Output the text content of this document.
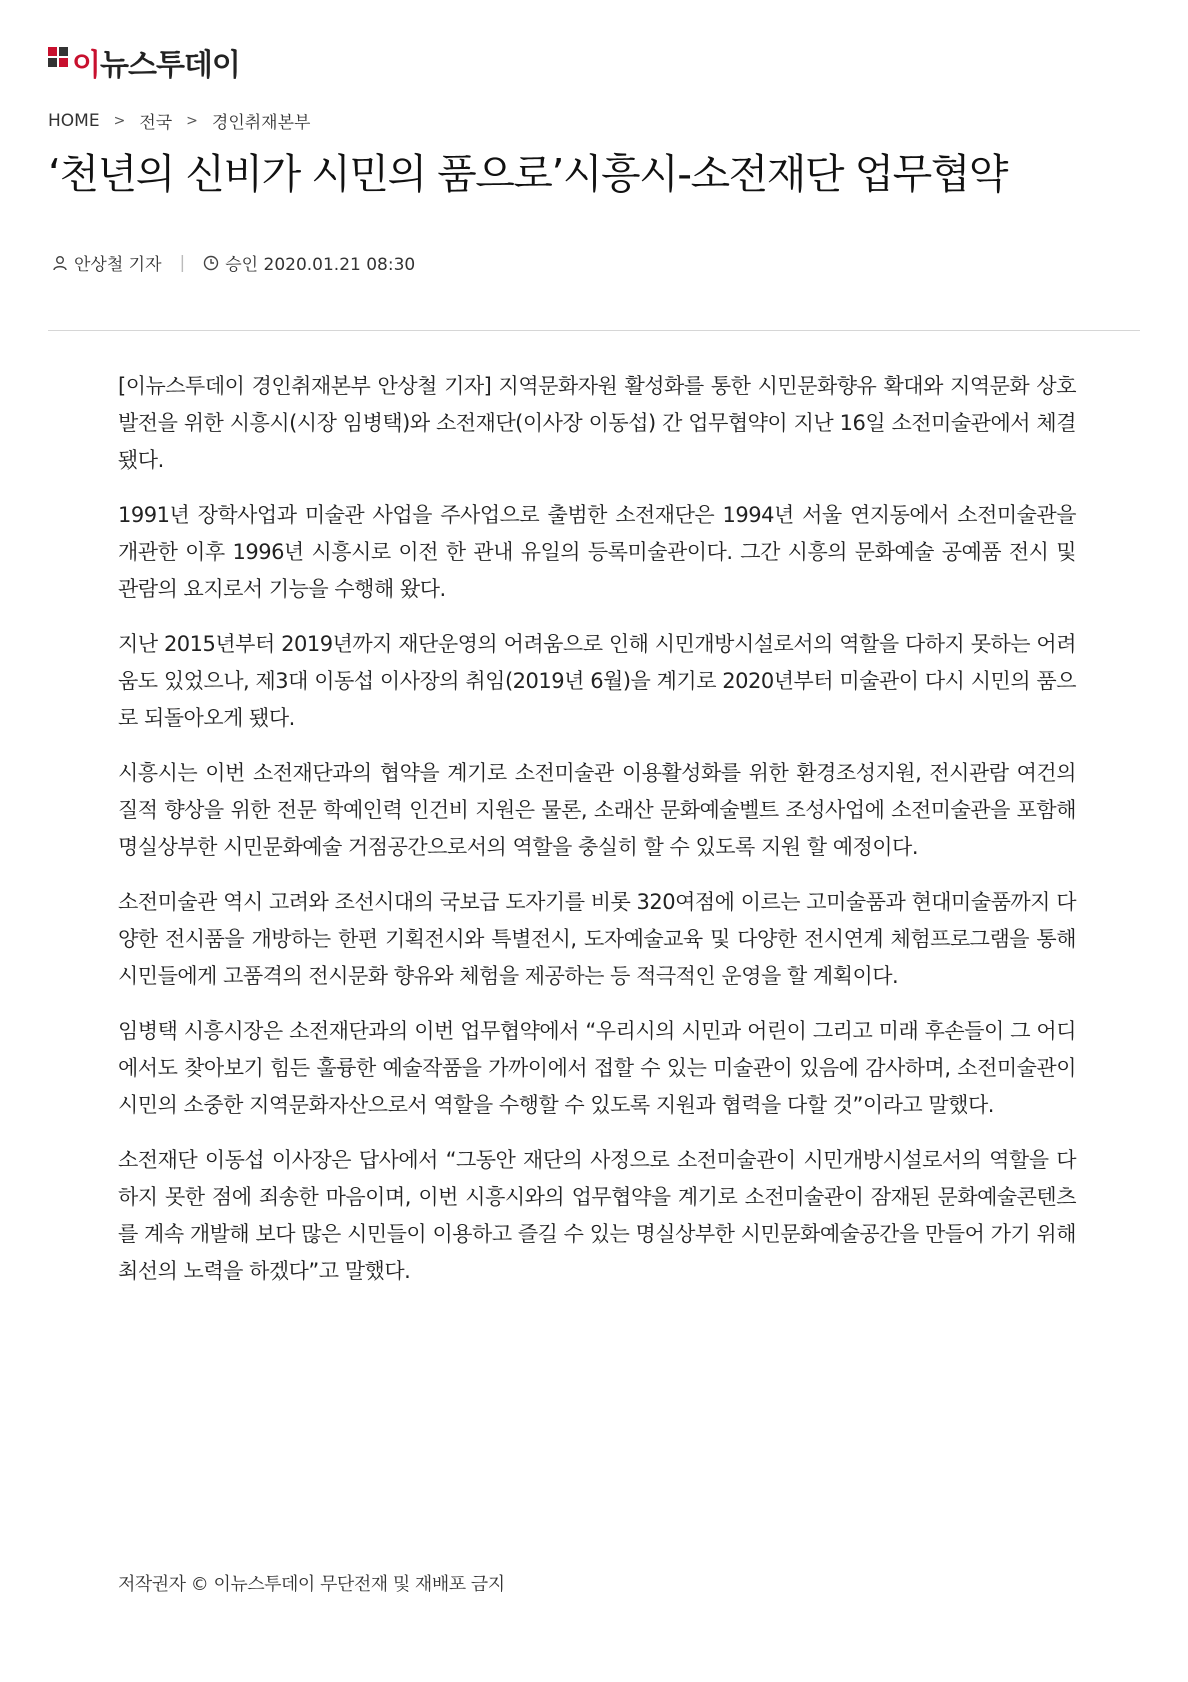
이뉴스투데이
HOME > 전국 > 경인취재본부
‘천년의 신비가 시민의 품으로’시흥시-소전재단 업무협약
안상철 기자 | 승인 2020.01.21 08:30

[이뉴스투데이 경인취재본부 안상철 기자] 지역문화자원 활성화를 통한 시민문화향유 확대와 지역문화 상호발전을 위한 시흥시(시장 임병택)와 소전재단(이사장 이동섭) 간 업무협약이 지난 16일 소전미술관에서 체결됐다.

1991년 장학사업과 미술관 사업을 주사업으로 출범한 소전재단은 1994년 서울 연지동에서 소전미술관을 개관한 이후 1996년 시흥시로 이전 한 관내 유일의 등록미술관이다. 그간 시흥의 문화예술 공예품 전시 및 관람의 요지로서 기능을 수행해 왔다.

지난 2015년부터 2019년까지 재단운영의 어려움으로 인해 시민개방시설로서의 역할을 다하지 못하는 어려움도 있었으나, 제3대 이동섭 이사장의 취임(2019년 6월)을 계기로 2020년부터 미술관이 다시 시민의 품으로 되돌아오게 됐다.

시흥시는 이번 소전재단과의 협약을 계기로 소전미술관 이용활성화를 위한 환경조성지원, 전시관람 여건의 질적 향상을 위한 전문 학예인력 인건비 지원은 물론, 소래산 문화예술벨트 조성사업에 소전미술관을 포함해 명실상부한 시민문화예술 거점공간으로서의 역할을 충실히 할 수 있도록 지원 할 예정이다.

소전미술관 역시 고려와 조선시대의 국보급 도자기를 비롯 320여점에 이르는 고미술품과 현대미술품까지 다양한 전시품을 개방하는 한편 기획전시와 특별전시, 도자예술교육 및 다양한 전시연계 체험프로그램을 통해 시민들에게 고품격의 전시문화 향유와 체험을 제공하는 등 적극적인 운영을 할 계획이다.

임병택 시흥시장은 소전재단과의 이번 업무협약에서 “우리시의 시민과 어린이 그리고 미래 후손들이 그 어디에서도 찾아보기 힘든 훌륭한 예술작품을 가까이에서 접할 수 있는 미술관이 있음에 감사하며, 소전미술관이 시민의 소중한 지역문화자산으로서 역할을 수행할 수 있도록 지원과 협력을 다할 것”이라고 말했다.

소전재단 이동섭 이사장은 답사에서 “그동안 재단의 사정으로 소전미술관이 시민개방시설로서의 역할을 다하지 못한 점에 죄송한 마음이며, 이번 시흥시와의 업무협약을 계기로 소전미술관이 잠재된 문화예술콘텐츠를 계속 개발해 보다 많은 시민들이 이용하고 즐길 수 있는 명실상부한 시민문화예술공간을 만들어 가기 위해 최선의 노력을 하겠다”고 말했다.

저작권자 © 이뉴스투데이 무단전재 및 재배포 금지
